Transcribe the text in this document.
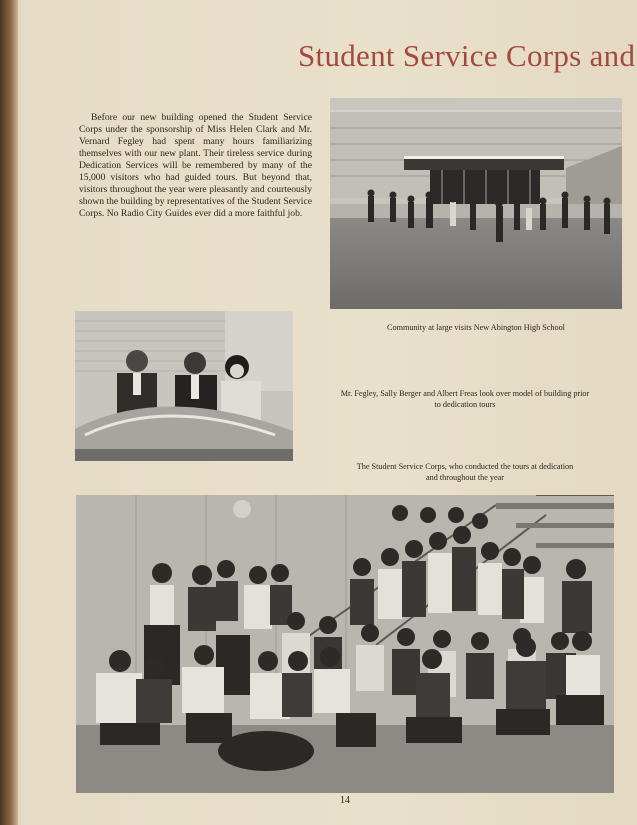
Student Service Corps and
Before our new building opened the Student Service Corps under the sponsorship of Miss Helen Clark and Mr. Vernard Fegley had spent many hours familiarizing themselves with our new plant. Their tireless service during Dedication Services will be remembered by many of the 15,000 visitors who had guided tours. But beyond that, visitors throughout the year were pleasantly and courteously shown the building by representatives of the Student Service Corps. No Radio City Guides ever did a more faithful job.
Community at large visits New Abington High School
Mr. Fegley, Sally Berger and Albert Freas look over model of building prior
to dedication tours
The Student Service Corps, who conducted the tours at dedication
and throughout the year
14
